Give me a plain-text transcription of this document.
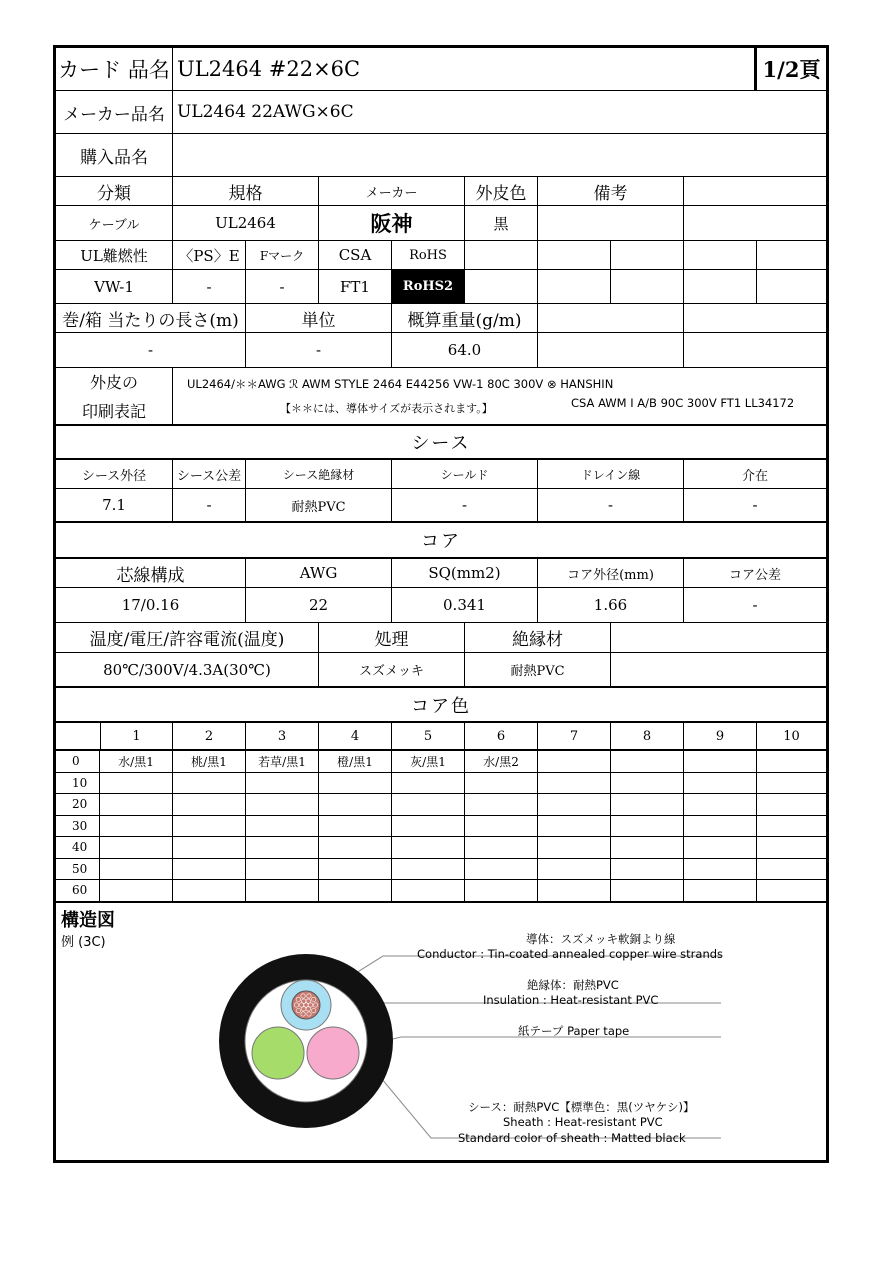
カード 品名 UL2464 #22×6C	1/2頁
メーカー品名 UL2464 22AWG×6C
購入品名
分類	規格	メーカー	外皮色	備考
ケーブル	UL2464	阪神	黒
UL難燃性	〈PS〉E	Fマーク	CSA	RoHS
VW-1	-	-	FT1	RoHS2
巻/箱 当たりの長さ(m)	単位	概算重量(g/m)
-	-	64.0
外皮の
印刷表記
UL2464/＊＊AWG ℛ AWM STYLE 2464 E44256 VW-1 80C 300V ⊗ HANSHIN
【＊＊には、導体サイズが表示されます。】	CSA AWM I A/B 90C 300V FT1 LL34172
シース
シース外径	シース公差	シース絶縁材	シールド	ドレイン線	介在
7.1	-	耐熱PVC	-	-	-
コア
芯線構成	AWG	SQ(mm2)	コア外径(mm)	コア公差
17/0.16	22	0.341	1.66	-
温度/電圧/許容電流(温度)	処理	絶縁材
80℃/300V/4.3A(30℃)	スズメッキ	耐熱PVC
コア色
1	2	3	4	5	6	7	8	9	10
0	水/黒1	桃/黒1	若草/黒1	橙/黒1	灰/黒1	水/黒2
10
20
30
40
50
60
構造図
例 (3C)	導体：スズメッキ軟銅より線
Conductor : Tin-coated annealed copper wire strands
絶縁体：耐熱PVC
Insulation : Heat-resistant PVC
紙テープ Paper tape
シース：耐熱PVC【標準色：黒(ツヤケシ)】
Sheath : Heat-resistant PVC
Standard color of sheath : Matted black
